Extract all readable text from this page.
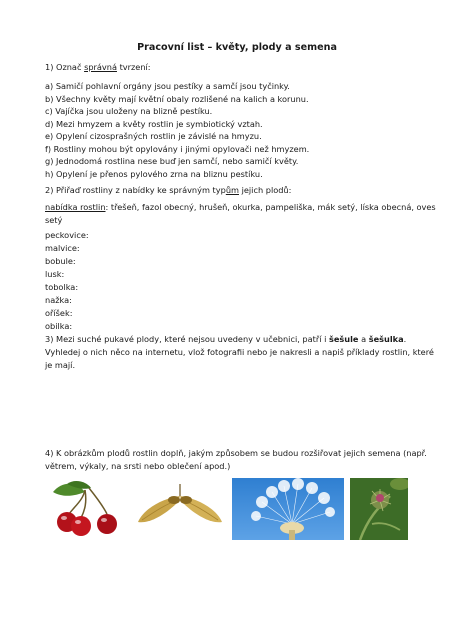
Pracovní list – květy, plody a semena
1) Označ správná tvrzení:
a) Samičí pohlavní orgány jsou pestíky a samčí jsou tyčinky.
b) Všechny květy mají květní obaly rozlišené na kalich a korunu.
c) Vajíčka jsou uloženy na blizně pestíku.
d) Mezi hmyzem a květy rostlin je symbiotický vztah.
e) Opylení cizosprašných rostlin je závislé na hmyzu.
f) Rostliny mohou být opylovány i jinými opylovači než hmyzem.
g) Jednodomá rostlina nese buď jen samčí, nebo samičí květy.
h) Opylení je přenos pylového zrna na bliznu pestíku.
2) Přiřaď rostliny z nabídky ke správným typům jejich plodů:
nabídka rostlin: třešeň, fazol obecný, hrušeň, okurka, pampeliška, mák setý, líska obecná, oves setý
peckovice:
malvice:
bobule:
lusk:
tobolka:
nažka:
oříšek:
obilka:
3) Mezi suché pukavé plody, které nejsou uvedeny v učebnici, patří i šešule a šešulka. Vyhledej o nich něco na internetu, vlož fotografii nebo je nakresli a napiš příklady rostlin, které je mají.
4) K obrázkům plodů rostlin doplň, jakým způsobem se budou rozšiřovat jejich semena (např. větrem, výkaly, na srsti nebo oblečení apod.)
